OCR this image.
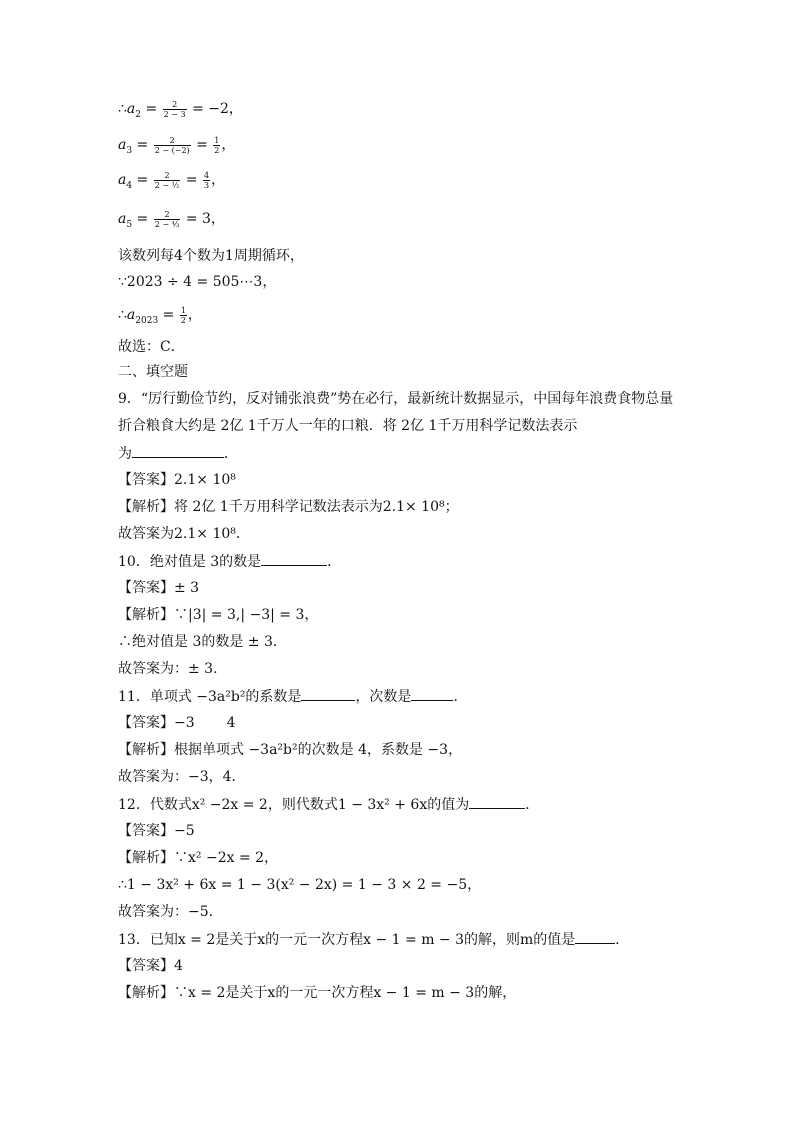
$\therefore a_2 = \frac{2}{2 - 3} = -2$，
$a_3 = \frac{2}{2 - (-2)} = \frac{1}{2}$ ，
$a_4 = \frac{2}{\text{2 − ½}} = \frac{4}{3}$ ，
$a_5 = \frac{2}{\text{2 − ⁴⁄₃}} = 3$，
该数列每4个数为1周期循环，
∵2023 ÷ 4 = 505⋯3，
$\therefore a_{2023} = \frac{1}{2}$ ，
故选：C．
二、填空题
9．“厉行勤俭节约，反对铺张浪费”势在必行，最新统计数据显示，中国每年浪费食物总量
折合粮食大约是 2亿 1千万人一年的口粮．将 2亿 1千万用科学记数法表示
为	．
【答案】2.1× 10⁸
【解析】将 2亿 1千万用科学记数法表示为2.1× 10⁸；
故答案为2.1× 10⁸．
10．绝对值是 3的数是	．
【答案】± 3
【解析】∵|3| = 3,| −3| = 3，
∴绝对值是 3的数是 ± 3．
故答案为：± 3.
11．单项式 −3a²b²的系数是	，次数是	．
【答案】−3 4
【解析】根据单项式 −3a²b²的次数是 4，系数是 −3，
故答案为：−3，4．
12．代数式x² −2x = 2，则代数式1 − 3x² + 6x的值为	．
【答案】−5
【解析】∵x² −2x = 2，
∴1 − 3x² + 6x = 1 − 3(x² − 2x) = 1 − 3 × 2 = −5，
故答案为：−5．
13．已知x = 2是关于x的一元一次方程x − 1 = m − 3的解，则m的值是	．
【答案】4
【解析】∵x = 2是关于x的一元一次方程x − 1 = m − 3的解，
